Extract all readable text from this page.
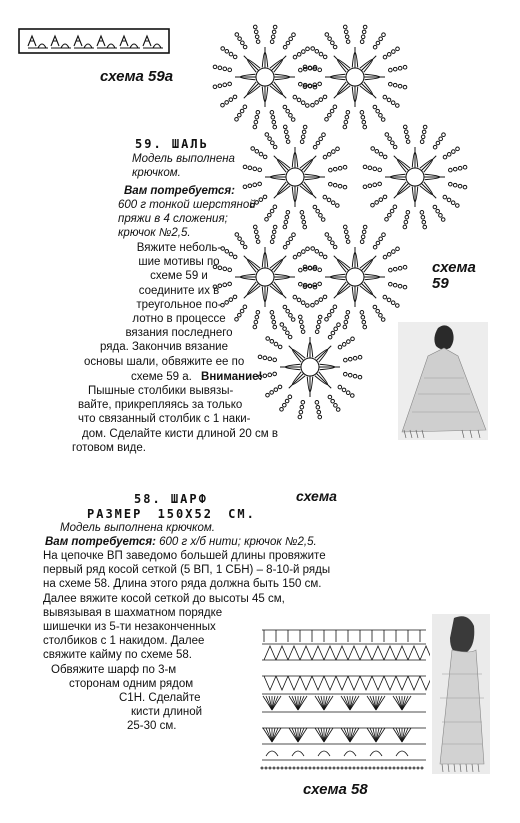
схема 59а
схема
59
59. ШАЛЬ
Модель выполнена
крючком.
Вам потребуется:
600 г тонкой шерстяной
пряжи в 4 сложения;
крючок №2,5.

Вяжите неболь-

шие мотивы по

схеме 59 и

соедините их в

треугольное по-

лотно в процессе

вязания последнего

ряда. Закончив вязание

основы шали, обвяжите ее по

схеме 59 а. Внимание!

Пышные столбики вывязы-

вайте, прикрепляясь за только

что связанный столбик с 1 наки-

дом. Сделайте кисти длиной 20 см в

готовом виде.

58. ШАРФ	схема
РАЗМЕР 150Х52 СМ.
Модель выполнена крючком.
Вам потребуется: 600 г х/б нити; крючок №2,5.

На цепочке ВП заведомо большей длины провяжите

первый ряд косой сеткой (5 ВП, 1 СБН) – 8-10-й ряды

на схеме 58. Длина этого ряда должна быть 150 см.

Далее вяжите косой сеткой до высоты 45 см,

вывязывая в шахматном порядке

шишечки из 5-ти незаконченных

столбиков с 1 накидом. Далее

свяжите кайму по схеме 58.

Обвяжите шарф по 3-м

сторонам одним рядом

С1Н. Сделайте

кисти длиной

25-30 см.

схема 58
